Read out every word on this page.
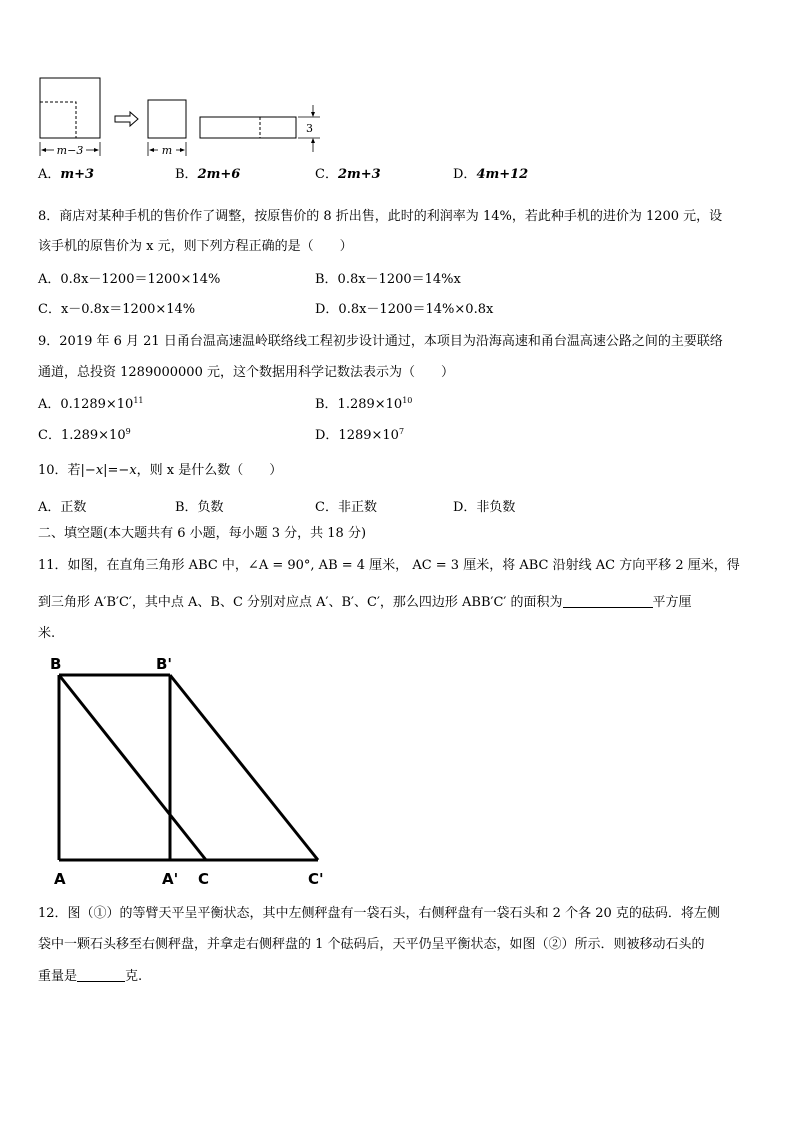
m−3	m
3
A．m+3	B．2m+6	C．2m+3	D．4m+12
8．商店对某种手机的售价作了调整，按原售价的 8 折出售，此时的利润率为 14%，若此种手机的进价为 1200 元，设
该手机的原售价为 x 元，则下列方程正确的是（　　）
A．0.8x－1200＝1200×14%	B．0.8x－1200＝14%x
C．x－0.8x＝1200×14%	D．0.8x－1200＝14%×0.8x
9．2019 年 6 月 21 日甬台温高速温岭联络线工程初步设计通过，本项目为沿海高速和甬台温高速公路之间的主要联络
通道，总投资 1289000000 元，这个数据用科学记数法表示为（　　）
A．$0.1289\times 10^{11}$	B．$1.289\times 10^{10}$
C．$1.289\times 10^9$	D．$1289\times 10^7$
10．若|−x|=−x，则 x 是什么数（　　）
A．正数	B．负数	C．非正数	D．非负数
二、填空题(本大题共有 6 小题，每小题 3 分，共 18 分)
11．如图，在直角三角形 ABC 中，∠A = 90°, AB = 4 厘米， AC = 3 厘米，将 ABC 沿射线 AC 方向平移 2 厘米，得
到三角形 A′B′C′，其中点 A、B、C 分别对应点 A′、B′、C′，那么四边形 ABB′C′ 的面积为	平方厘
米.
B	B'
A	A' C	C'
12．图（①）的等臂天平呈平衡状态，其中左侧秤盘有一袋石头，右侧秤盘有一袋石头和 2 个各 20 克的砝码．将左侧
袋中一颗石头移至右侧秤盘，并拿走右侧秤盘的 1 个砝码后，天平仍呈平衡状态，如图（②）所示．则被移动石头的
重量是	克.
